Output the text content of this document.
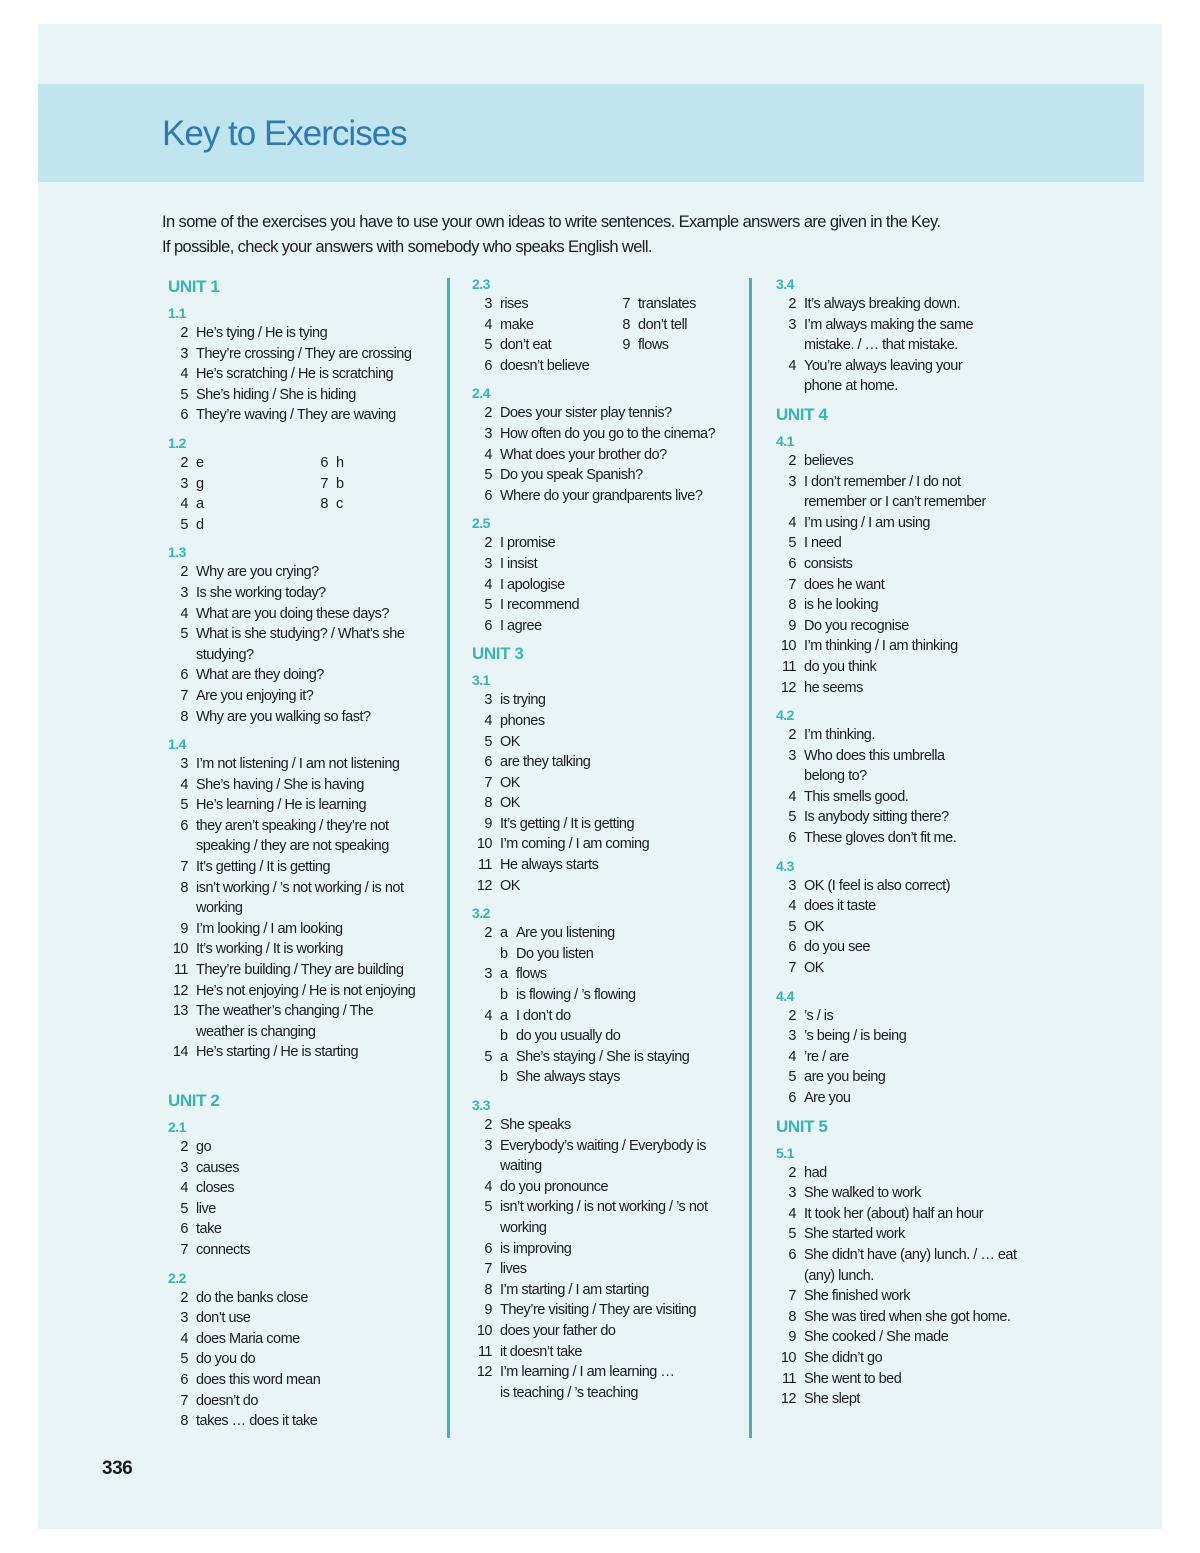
Key to Exercises

In some of the exercises you have to use your own ideas to write sentences. Example answers are given in the Key.

If possible, check your answers with somebody who speaks English well.

UNIT 1
1.1
2 He’s tying / He is tying
3 They’re crossing / They are crossing
4 He’s scratching / He is scratching
5 She’s hiding / She is hiding
6 They’re waving / They are waving
1.2
2 e	6 h
3 g	7 b
4 a	8 c
5 d
1.3
2 Why are you crying?
3 Is she working today?
4 What are you doing these days?
5 What is she studying? / What’s she
studying?
6 What are they doing?
7 Are you enjoying it?
8 Why are you walking so fast?
1.4
3 I’m not listening / I am not listening
4 She’s having / She is having
5 He’s learning / He is learning
6 they aren’t speaking / they’re not
speaking / they are not speaking
7 It’s getting / It is getting
8 isn’t working / ’s not working / is not
working
9 I’m looking / I am looking
10 It’s working / It is working
11 They’re building / They are building
12 He’s not enjoying / He is not enjoying
13 The weather’s changing / The
weather is changing
14 He’s starting / He is starting
UNIT 2
2.1
2 go
3 causes
4 closes
5 live
6 take
7 connects
2.2
2 do the banks close
3 don’t use
4 does Maria come
5 do you do
6 does this word mean
7 doesn’t do
8 takes … does it take
2.3
3 rises	7 translates
4 make	8 don’t tell
5 don’t eat	9 flows
6 doesn’t believe
2.4
2 Does your sister play tennis?
3 How often do you go to the cinema?
4 What does your brother do?
5 Do you speak Spanish?
6 Where do your grandparents live?
2.5
2 I promise
3 I insist
4 I apologise
5 I recommend
6 I agree
UNIT 3
3.1
3 is trying
4 phones
5 OK
6 are they talking
7 OK
8 OK
9 It’s getting / It is getting
10 I’m coming / I am coming
11 He always starts
12 OK
3.2
2 a Are you listening
b Do you listen
3 a flows
b is flowing / ’s flowing
4 a I don’t do
b do you usually do
5 a She’s staying / She is staying
b She always stays
3.3
2 She speaks
3 Everybody’s waiting / Everybody is
waiting
4 do you pronounce
5 isn’t working / is not working / ’s not
working
6 is improving
7 lives
8 I’m starting / I am starting
9 They’re visiting / They are visiting
10 does your father do
11 it doesn’t take
12 I’m learning / I am learning …
is teaching / ’s teaching
3.4
2 It’s always breaking down.
3 I’m always making the same
mistake. / … that mistake.
4 You’re always leaving your
phone at home.
UNIT 4
4.1
2 believes
3 I don’t remember / I do not
remember or I can’t remember
4 I’m using / I am using
5 I need
6 consists
7 does he want
8 is he looking
9 Do you recognise
10 I’m thinking / I am thinking
11 do you think
12 he seems
4.2
2 I’m thinking.
3 Who does this umbrella
belong to?
4 This smells good.
5 Is anybody sitting there?
6 These gloves don’t fit me.
4.3
3 OK (I feel is also correct)
4 does it taste
5 OK
6 do you see
7 OK
4.4
2 ’s / is
3 ’s being / is being
4 ’re / are
5 are you being
6 Are you
UNIT 5
5.1
2 had
3 She walked to work
4 It took her (about) half an hour
5 She started work
6 She didn’t have (any) lunch. / … eat
(any) lunch.
7 She finished work
8 She was tired when she got home.
9 She cooked / She made
10 She didn’t go
11 She went to bed
12 She slept
336
